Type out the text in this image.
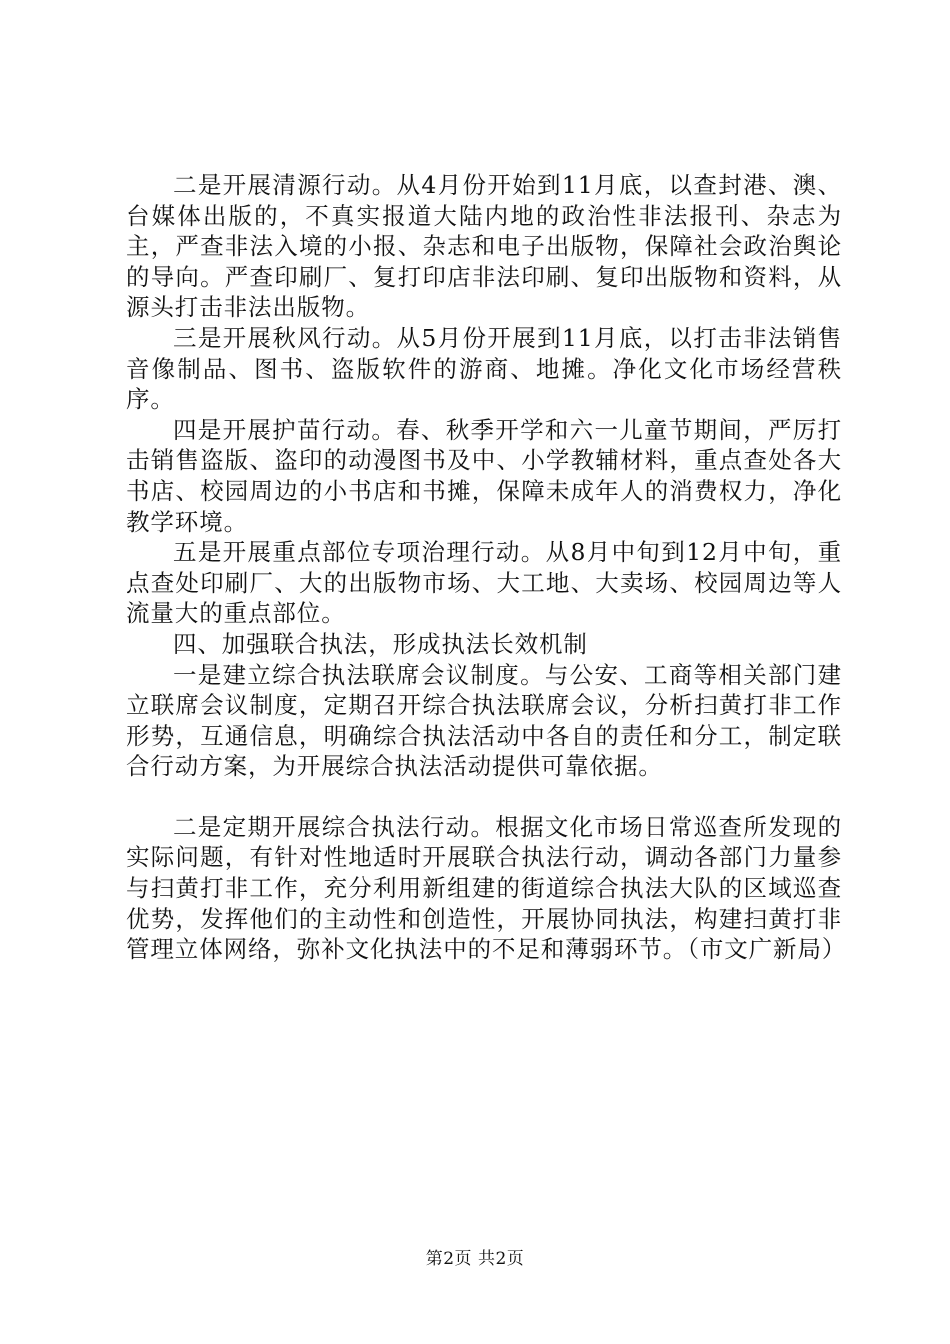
二是开展清源行动。从4月份开始到11月底，以查封港、澳、台媒体出版的，不真实报道大陆内地的政治性非法报刊、杂志为主，严查非法入境的小报、杂志和电子出版物，保障社会政治舆论的导向。严查印刷厂、复打印店非法印刷、复印出版物和资料，从源头打击非法出版物。

三是开展秋风行动。从5月份开展到11月底，以打击非法销售音像制品、图书、盗版软件的游商、地摊。净化文化市场经营秩序。

四是开展护苗行动。春、秋季开学和六一儿童节期间，严厉打击销售盗版、盗印的动漫图书及中、小学教辅材料，重点查处各大书店、校园周边的小书店和书摊，保障未成年人的消费权力，净化教学环境。

五是开展重点部位专项治理行动。从8月中旬到12月中旬，重点查处印刷厂、大的出版物市场、大工地、大卖场、校园周边等人流量大的重点部位。

四、加强联合执法，形成执法长效机制

一是建立综合执法联席会议制度。与公安、工商等相关部门建立联席会议制度，定期召开综合执法联席会议，分析扫黄打非工作形势，互通信息，明确综合执法活动中各自的责任和分工，制定联合行动方案，为开展综合执法活动提供可靠依据。

二是定期开展综合执法行动。根据文化市场日常巡查所发现的实际问题，有针对性地适时开展联合执法行动，调动各部门力量参与扫黄打非工作，充分利用新组建的街道综合执法大队的区域巡查优势，发挥他们的主动性和创造性，开展协同执法，构建扫黄打非管理立体网络，弥补文化执法中的不足和薄弱环节。（市文广新局）

第2页 共2页
